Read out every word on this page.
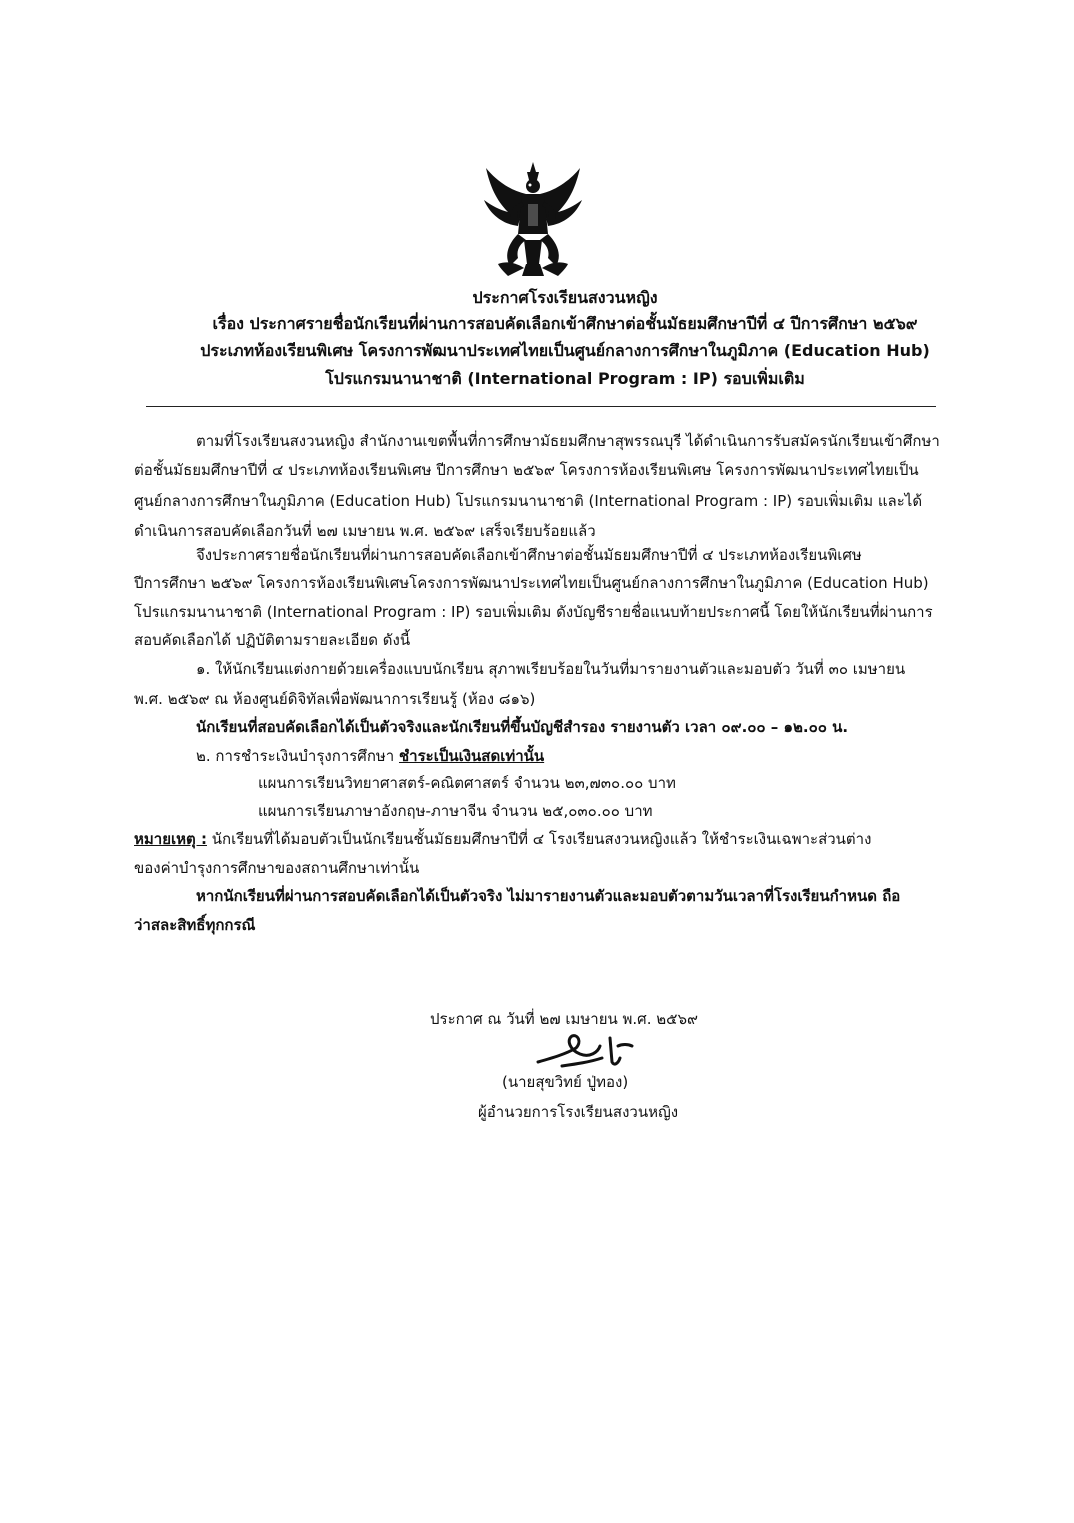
ประกาศโรงเรียนสงวนหญิง
เรื่อง ประกาศรายชื่อนักเรียนที่ผ่านการสอบคัดเลือกเข้าศึกษาต่อชั้นมัธยมศึกษาปีที่ ๔ ปีการศึกษา ๒๕๖๙
ประเภทห้องเรียนพิเศษ โครงการพัฒนาประเทศไทยเป็นศูนย์กลางการศึกษาในภูมิภาค (Education Hub)
โปรแกรมนานาชาติ (International Program : IP) รอบเพิ่มเติม
ตามที่โรงเรียนสงวนหญิง สำนักงานเขตพื้นที่การศึกษามัธยมศึกษาสุพรรณบุรี ได้ดำเนินการรับสมัครนักเรียนเข้าศึกษา
ต่อชั้นมัธยมศึกษาปีที่ ๔ ประเภทห้องเรียนพิเศษ ปีการศึกษา ๒๕๖๙ โครงการห้องเรียนพิเศษ โครงการพัฒนาประเทศไทยเป็น
ศูนย์กลางการศึกษาในภูมิภาค (Education Hub) โปรแกรมนานาชาติ (International Program : IP) รอบเพิ่มเติม และได้
ดำเนินการสอบคัดเลือกวันที่ ๒๗ เมษายน พ.ศ. ๒๕๖๙ เสร็จเรียบร้อยแล้ว
จึงประกาศรายชื่อนักเรียนที่ผ่านการสอบคัดเลือกเข้าศึกษาต่อชั้นมัธยมศึกษาปีที่ ๔ ประเภทห้องเรียนพิเศษ
ปีการศึกษา ๒๕๖๙ โครงการห้องเรียนพิเศษโครงการพัฒนาประเทศไทยเป็นศูนย์กลางการศึกษาในภูมิภาค (Education Hub)
โปรแกรมนานาชาติ (International Program : IP) รอบเพิ่มเติม ดังบัญชีรายชื่อแนบท้ายประกาศนี้ โดยให้นักเรียนที่ผ่านการ
สอบคัดเลือกได้ ปฏิบัติตามรายละเอียด ดังนี้
๑. ให้นักเรียนแต่งกายด้วยเครื่องแบบนักเรียน สุภาพเรียบร้อยในวันที่มารายงานตัวและมอบตัว วันที่ ๓๐ เมษายน
พ.ศ. ๒๕๖๙ ณ ห้องศูนย์ดิจิทัลเพื่อพัฒนาการเรียนรู้ (ห้อง ๘๑๖)
นักเรียนที่สอบคัดเลือกได้เป็นตัวจริงและนักเรียนที่ขึ้นบัญชีสำรอง รายงานตัว เวลา ๐๙.๐๐ – ๑๒.๐๐ น.
๒. การชำระเงินบำรุงการศึกษา ชำระเป็นเงินสดเท่านั้น
แผนการเรียนวิทยาศาสตร์-คณิตศาสตร์ จำนวน ๒๓,๗๓๐.๐๐ บาท
แผนการเรียนภาษาอังกฤษ-ภาษาจีน จำนวน ๒๕,๐๓๐.๐๐ บาท
หมายเหตุ : นักเรียนที่ได้มอบตัวเป็นนักเรียนชั้นมัธยมศึกษาปีที่ ๔ โรงเรียนสงวนหญิงแล้ว ให้ชำระเงินเฉพาะส่วนต่าง
ของค่าบำรุงการศึกษาของสถานศึกษาเท่านั้น
หากนักเรียนที่ผ่านการสอบคัดเลือกได้เป็นตัวจริง ไม่มารายงานตัวและมอบตัวตามวันเวลาที่โรงเรียนกำหนด ถือ
ว่าสละสิทธิ์ทุกกรณี
ประกาศ ณ วันที่ ๒๗ เมษายน พ.ศ. ๒๕๖๙
(นายสุขวิทย์ ปู่ทอง)
ผู้อำนวยการโรงเรียนสงวนหญิง
